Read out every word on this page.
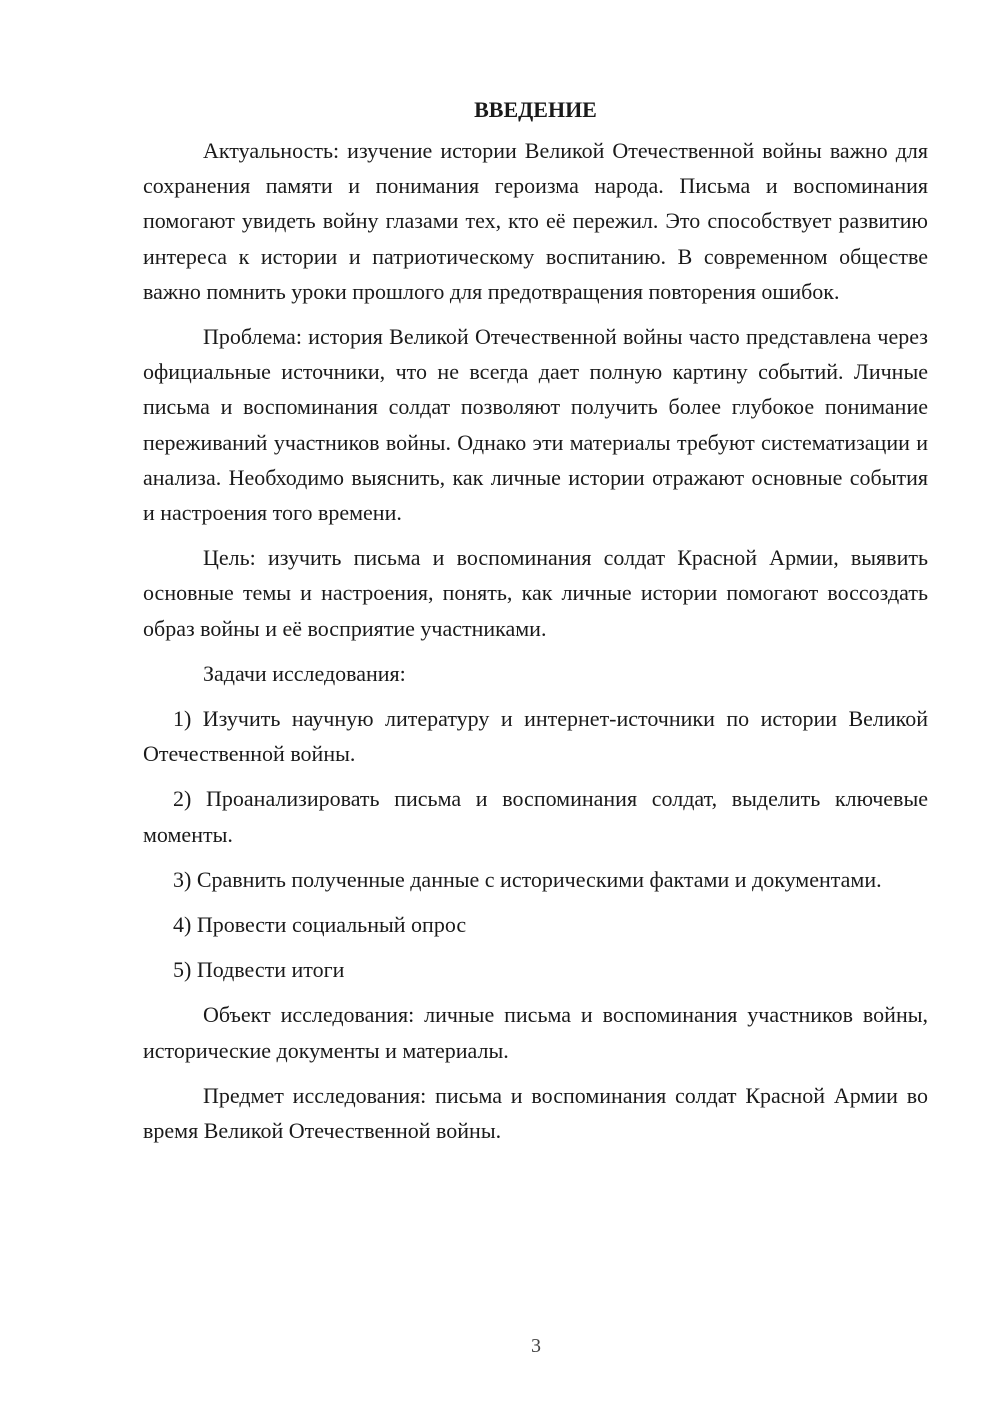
ВВЕДЕНИЕ

Актуальность: изучение истории Великой Отечественной войны важно для сохранения памяти и понимания героизма народа. Письма и воспоминания помогают увидеть войну глазами тех, кто её пережил. Это способствует развитию интереса к истории и патриотическому воспитанию. В современном обществе важно помнить уроки прошлого для предотвращения повторения ошибок.

Проблема: история Великой Отечественной войны часто представлена через официальные источники, что не всегда дает полную картину событий. Личные письма и воспоминания солдат позволяют получить более глубокое понимание переживаний участников войны. Однако эти материалы требуют систематизации и анализа. Необходимо выяснить, как личные истории отражают основные события и настроения того времени.

Цель: изучить письма и воспоминания солдат Красной Армии, выявить основные темы и настроения, понять, как личные истории помогают воссоздать образ войны и её восприятие участниками.

Задачи исследования:

1) Изучить научную литературу и интернет-источники по истории Великой Отечественной войны.

2) Проанализировать письма и воспоминания солдат, выделить ключевые моменты.

3) Сравнить полученные данные с историческими фактами и документами.

4) Провести социальный опрос

5) Подвести итоги

Объект исследования: личные письма и воспоминания участников войны, исторические документы и материалы.

Предмет исследования: письма и воспоминания солдат Красной Армии во время Великой Отечественной войны.

3
